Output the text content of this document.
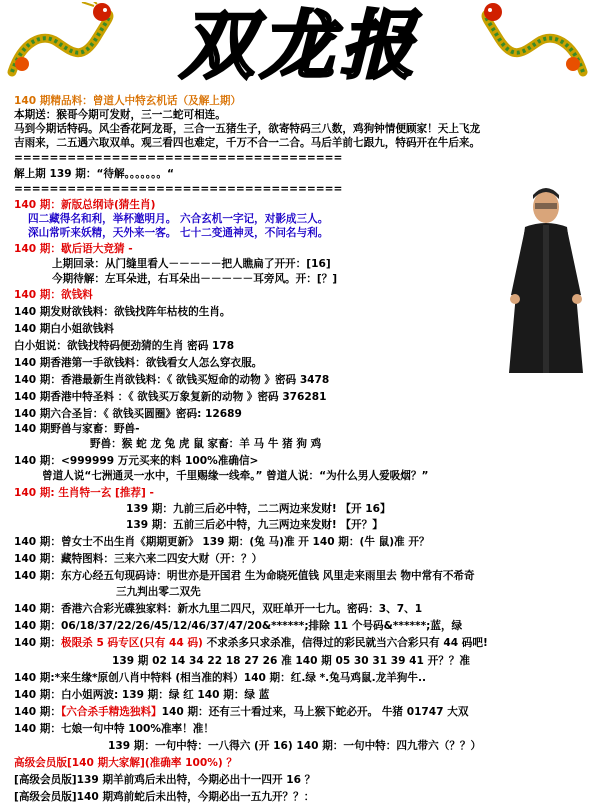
双龙报
140 期精品料：曾道人中特玄机话（及解上期）
本期送：猴哥今期可发财，三一二蛇可相连。
马到今期话特码。风尘香花阿龙哥，三合一五猪生子，欲寄特码三八数，鸡狗钟情便顾家！天上飞龙
吉雨来，二五遇六取双单。观三看四也难定，千万不合一二合。马后羊前七跟九，特码开在牛后来。
=====================================
解上期 139 期：“待解。。。。。。。“
=====================================
140 期：新版总纲诗(猜生肖)
四二藏得名和利，举杯邀明月。 六合玄机一字记，对影成三人。
深山常听来妖精，天外来一客。 七十二变通神灵，不问名与利。
140 期：歇后语大竞猜 -
上期回录：从门缝里看人－－－－－把人瞧扁了开开：[16]
今期待解：左耳朵进，右耳朵出－－－－－耳旁风。开：[？]
140 期：欲钱料
140 期发财欲钱料：欲钱找阵年枯枝的生肖。
140 期白小姐欲钱料
白小姐说：欲钱找特码便劲猜的生肖 密码 178
140 期香港第一手欲钱料：欲钱看女人怎么穿衣服。
140 期：香港最新生肖欲钱料：《 欲钱买短命的动物 》密码 3478
140 期香港中特圣料 ：《 欲钱买万象复新的动物 》密码 376281
140 期六合圣旨：《 欲钱买圆圈》密码: 12689
140 期野兽与家畜：野兽-
野兽：猴 蛇 龙 兔 虎 鼠 家畜：羊 马 牛 猪 狗 鸡
140 期：<999999 万元买来的料 100%准确信>
曾道人说“七洲通灵一水中，千里赐缘一线牵。” 曾道人说：“为什么男人爱吸烟？”
140 期: 生肖特一玄 [推荐] -
139 期：九前三后必中特，二二两边来发财! 【开 16】
139 期：五前三后必中特，九三两边来发财! 【开？】
140 期：曾女士不出生肖《期期更新》 139 期：(兔 马)准 开 140 期：(牛 鼠)准 开？
140 期：藏特图料：三来六来二四安大财（开：？）
140 期：东方心经五句现码诗：明世亦是开国君 生为命晓死值钱 风里走来雨里去 物中常有不希奇
三九判出零二双先
140 期：香港六合彩光碟独家料：新水九里二四尺，双旺单开一七九。密码：3、7、1
140 期：06/18/37/22/26/45/12/46/37/47/20&******;排除 11 个号码&******;蓝，绿
140 期：极限杀 5 码专区(只有 44 码) 不求杀多只求杀准，信得过的彩民就当六合彩只有 44 码吧!
139 期 02 14 34 22 18 27 26 准 140 期 05 30 31 39 41 开？？准
140 期:*来生缘*原创八肖中特料 (相当准的料）140 期：红.绿 *.兔马鸡鼠.龙羊狗牛..
140 期：白小姐两波: 139 期：绿 红 140 期：绿 蓝
140 期：【六合杀手精选独料】140 期：还有三十看过来，马上猴下蛇必开。 牛猪 01747 大双
140 期：七娘一句中特 100%准率！准！
139 期：一句中特：一八得六 (开 16) 140 期：一句中特：四九带六（？？）
高级会员版[140 期大家解](准确率 100%) ？
[高级会员版]139 期羊前鸡后未出特，今期必出十一四开 16 ？
[高级会员版]140 期鸡前蛇后未出特，今期必出一五九开？？：
